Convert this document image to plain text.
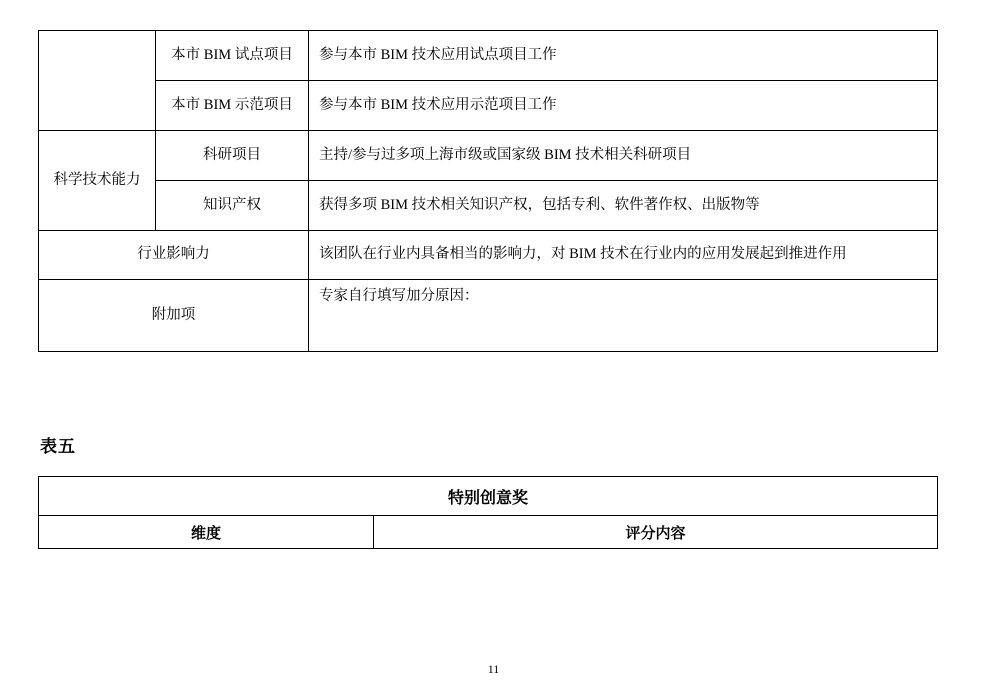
	本市 BIM 试点项目	参与本市 BIM 技术应用试点项目工作
	本市 BIM 示范项目	参与本市 BIM 技术应用示范项目工作
科学技术能力	科研项目	主持/参与过多项上海市级或国家级 BIM 技术相关科研项目
	知识产权	获得多项 BIM 技术相关知识产权，包括专利、软件著作权、出版物等
行业影响力		该团队在行业内具备相当的影响力，对 BIM 技术在行业内的应用发展起到推进作用
附加项		专家自行填写加分原因：
表五
特别创意奖
维度	评分内容
11
